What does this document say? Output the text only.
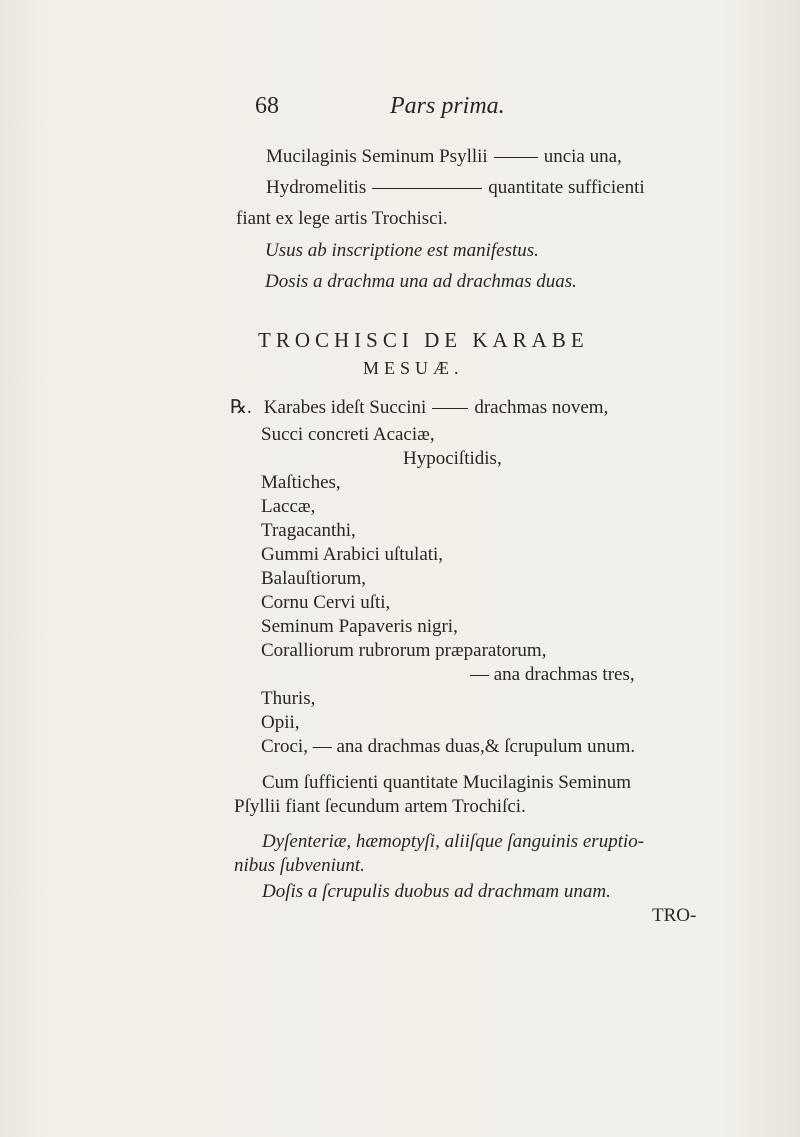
68	Pars prima.
Mucilaginis Seminum Psyllii	uncia una,
Hydromelitis	quantitate sufficienti
fiant ex lege artis Trochisci.
Usus ab inscriptione est manifestus.
Dosis a drachma una ad drachmas duas.
TROCHISCI DE KARABE
MESUÆ.
℞. Karabes ideſt Succini	drachmas novem,
Succi concreti Acaciæ,
Hypociſtidis,
Maſtiches,
Laccæ,
Tragacanthi,
Gummi Arabici uſtulati,
Balauſtiorum,
Cornu Cervi uſti,
Seminum Papaveris nigri,
Coralliorum rubrorum præparatorum,
— ana drachmas tres,
Thuris,
Opii,
Croci, — ana drachmas duas,& ſcrupulum unum.
Cum ſufficienti quantitate Mucilaginis Seminum
Pſyllii fiant ſecundum artem Trochiſci.
Dyſenteriæ, hæmoptyſi, aliiſque ſanguinis eruptio-
nibus ſubveniunt.
Doſis a ſcrupulis duobus ad drachmam unam.
TRO-
